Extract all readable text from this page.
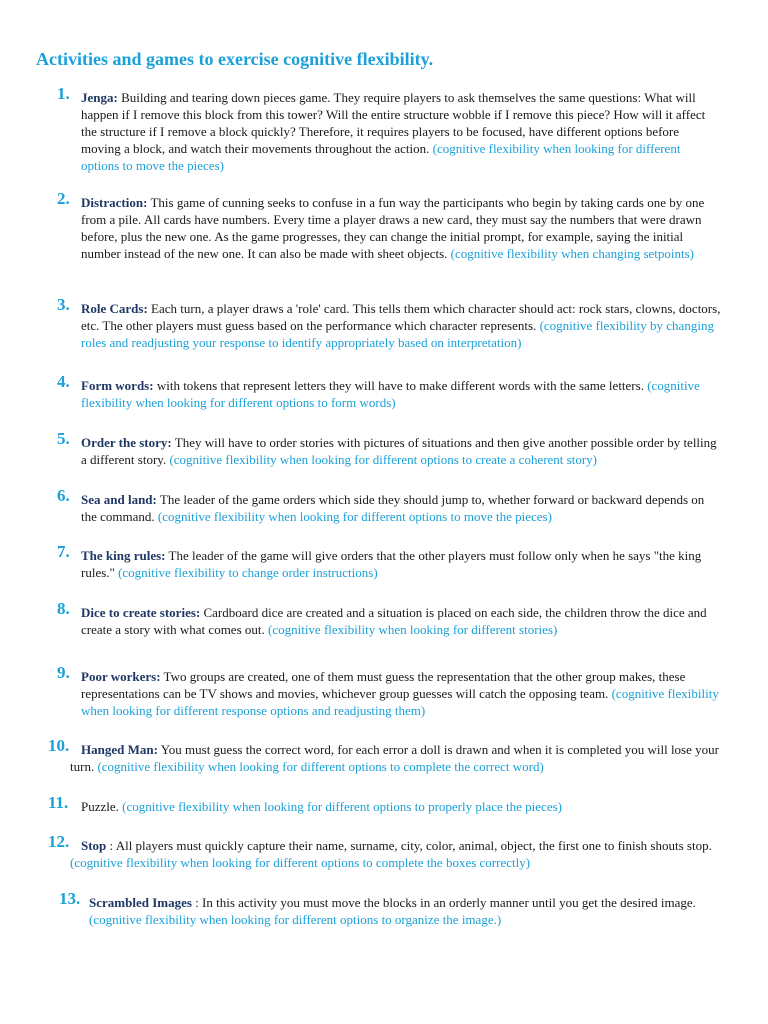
Activities and games to exercise cognitive flexibility.
1. Jenga: Building and tearing down pieces game. They require players to ask themselves the same questions: What will happen if I remove this block from this tower? Will the entire structure wobble if I remove this piece? How will it affect the structure if I remove a block quickly? Therefore, it requires players to be focused, have different options before moving a block, and watch their movements throughout the action. (cognitive flexibility when looking for different options to move the pieces)
2. Distraction: This game of cunning seeks to confuse in a fun way the participants who begin by taking cards one by one from a pile. All cards have numbers. Every time a player draws a new card, they must say the numbers that were drawn before, plus the new one. As the game progresses, they can change the initial prompt, for example, saying the initial number instead of the new one. It can also be made with sheet objects. (cognitive flexibility when changing setpoints)
3. Role Cards: Each turn, a player draws a 'role' card. This tells them which character should act: rock stars, clowns, doctors, etc. The other players must guess based on the performance which character represents. (cognitive flexibility by changing roles and readjusting your response to identify appropriately based on interpretation)
4. Form words: with tokens that represent letters they will have to make different words with the same letters. (cognitive flexibility when looking for different options to form words)
5. Order the story: They will have to order stories with pictures of situations and then give another possible order by telling a different story. (cognitive flexibility when looking for different options to create a coherent story)
6. Sea and land: The leader of the game orders which side they should jump to, whether forward or backward depends on the command. (cognitive flexibility when looking for different options to move the pieces)
7. The king rules: The leader of the game will give orders that the other players must follow only when he says "the king rules." (cognitive flexibility to change order instructions)
8. Dice to create stories: Cardboard dice are created and a situation is placed on each side, the children throw the dice and create a story with what comes out. (cognitive flexibility when looking for different stories)
9. Poor workers: Two groups are created, one of them must guess the representation that the other group makes, these representations can be TV shows and movies, whichever group guesses will catch the opposing team. (cognitive flexibility when looking for different response options and readjusting them)
10. Hanged Man: You must guess the correct word, for each error a doll is drawn and when it is completed you will lose your turn. (cognitive flexibility when looking for different options to complete the correct word)
11. Puzzle. (cognitive flexibility when looking for different options to properly place the pieces)
12. Stop : All players must quickly capture their name, surname, city, color, animal, object, the first one to finish shouts stop. (cognitive flexibility when looking for different options to complete the boxes correctly)
13. Scrambled Images : In this activity you must move the blocks in an orderly manner until you get the desired image. (cognitive flexibility when looking for different options to organize the image.)
